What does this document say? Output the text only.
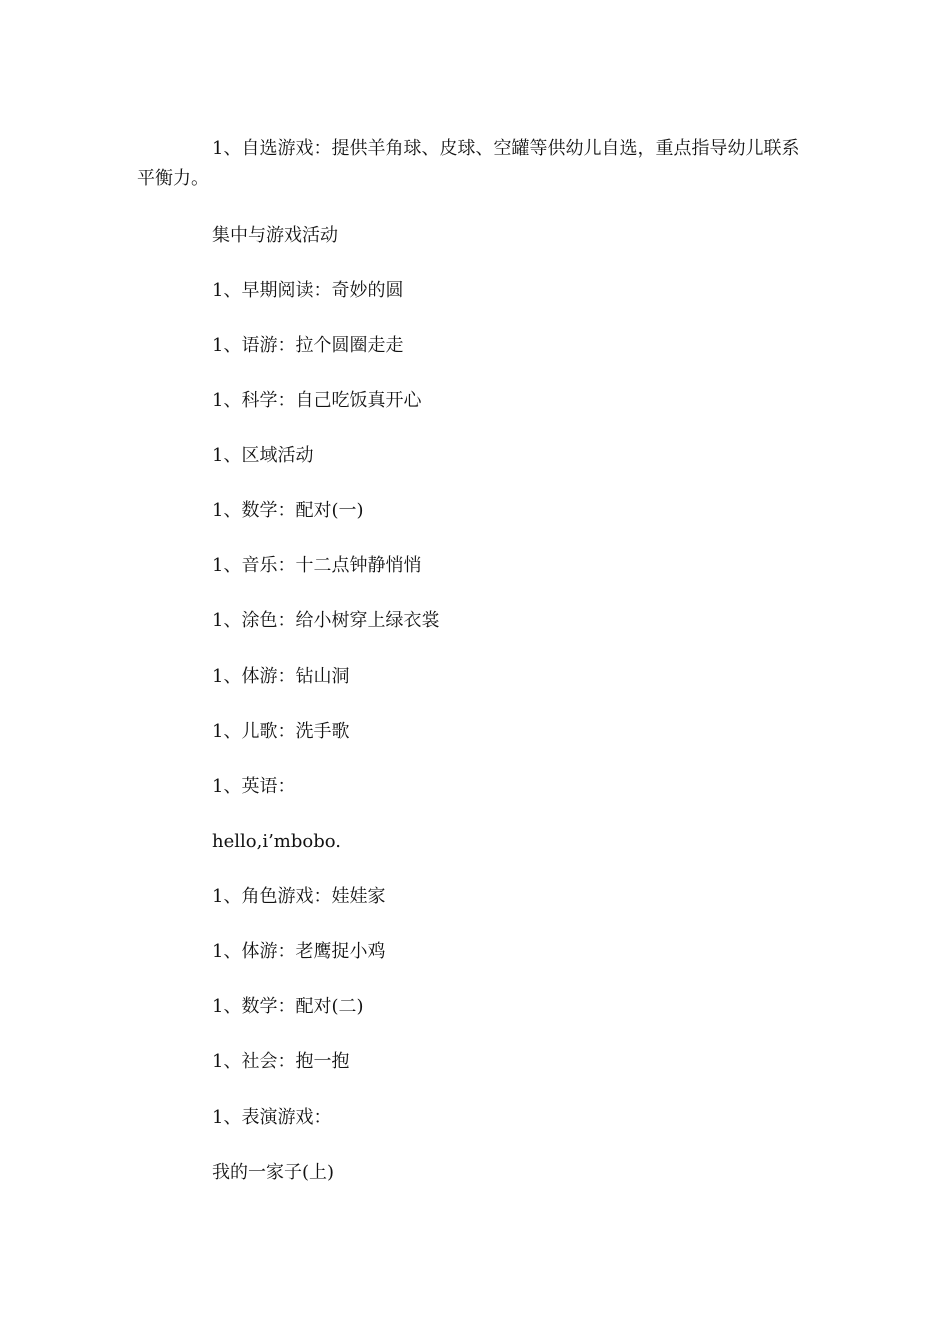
1、自选游戏：提供羊角球、皮球、空罐等供幼儿自选，重点指导幼儿联系平衡力。
集中与游戏活动
1、早期阅读：奇妙的圆
1、语游：拉个圆圈走走
1、科学：自己吃饭真开心
1、区域活动
1、数学：配对(一)
1、音乐：十二点钟静悄悄
1、涂色：给小树穿上绿衣裳
1、体游：钻山洞
1、儿歌：洗手歌
1、英语：
hello,i’mbobo.
1、角色游戏：娃娃家
1、体游：老鹰捉小鸡
1、数学：配对(二)
1、社会：抱一抱
1、表演游戏：
我的一家子(上)
